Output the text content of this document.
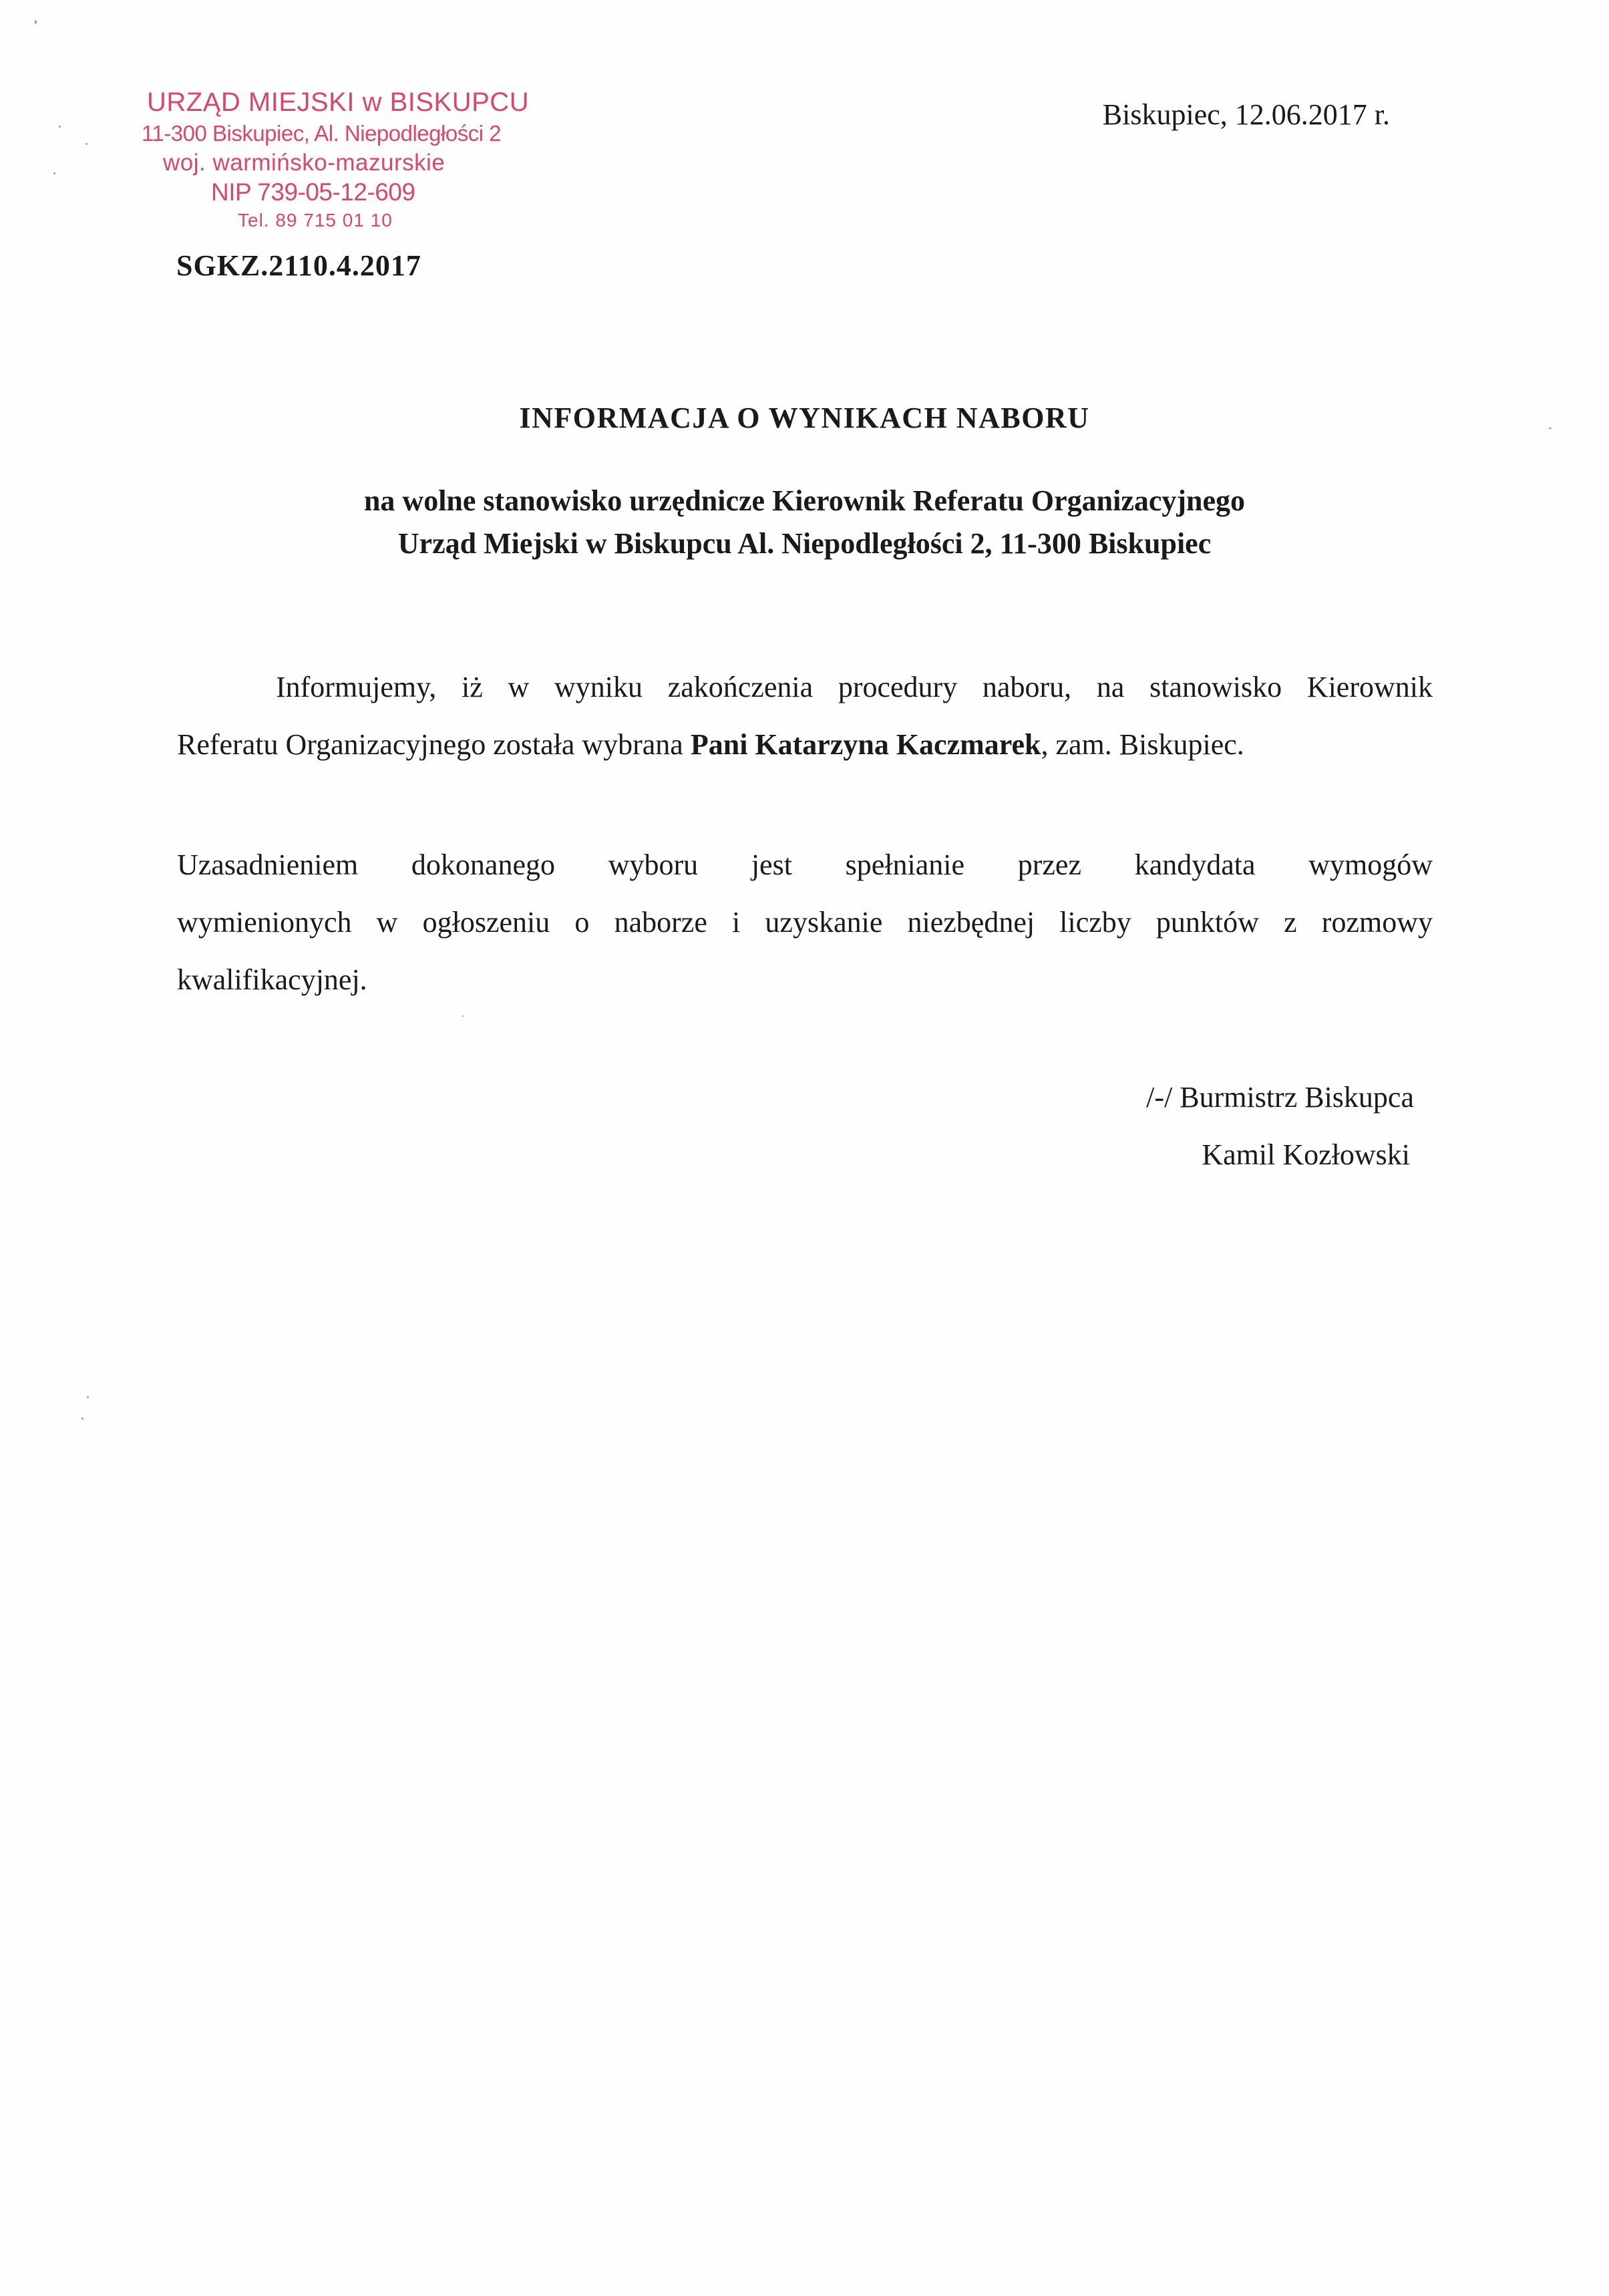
URZĄD MIEJSKI w BISKUPCU
11-300 Biskupiec, Al. Niepodległości 2
woj. warmińsko-mazurskie
NIP 739-05-12-609
Tel. 89 715 01 10
Biskupiec, 12.06.2017 r.
SGKZ.2110.4.2017
INFORMACJA O WYNIKACH NABORU
na wolne stanowisko urzędnicze Kierownik Referatu Organizacyjnego
Urząd Miejski w Biskupcu Al. Niepodległości 2, 11-300 Biskupiec
Informujemy, iż w wyniku zakończenia procedury naboru, na stanowisko Kierownik
Referatu Organizacyjnego została wybrana Pani Katarzyna Kaczmarek, zam. Biskupiec.
Uzasadnieniem dokonanego wyboru jest spełnianie przez kandydata wymogów
wymienionych w ogłoszeniu o naborze i uzyskanie niezbędnej liczby punktów z rozmowy
kwalifikacyjnej.
/-/ Burmistrz Biskupca
Kamil Kozłowski
